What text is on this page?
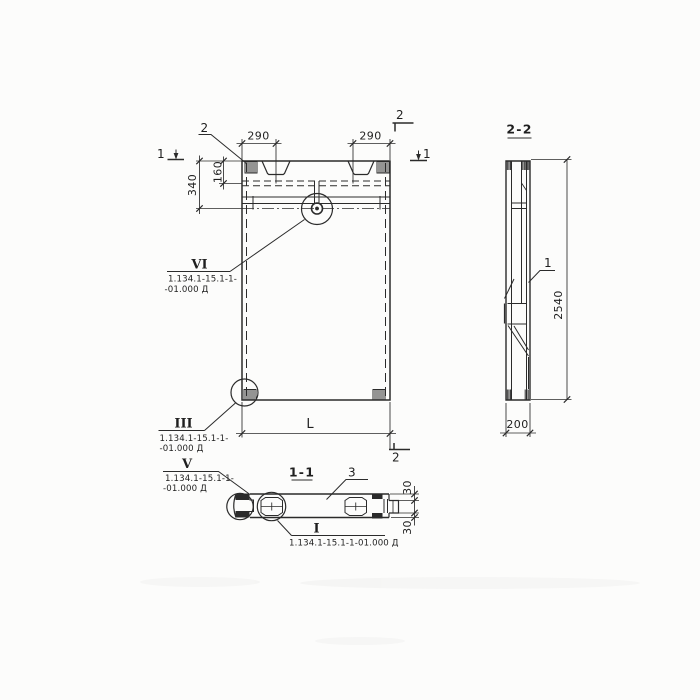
2
290	290
1	1
2
2
340
160
L
VI
1.134.1-15.1-1-
-01.000 Д
III
1.134.1-15.1-1-
-01.000 Д
V
1.134.1-15.1-1-
-01.000 Д
1-1	3
30
30
I
1.134.1-15.1-1-01.000 Д
2-2
1
2540
200
